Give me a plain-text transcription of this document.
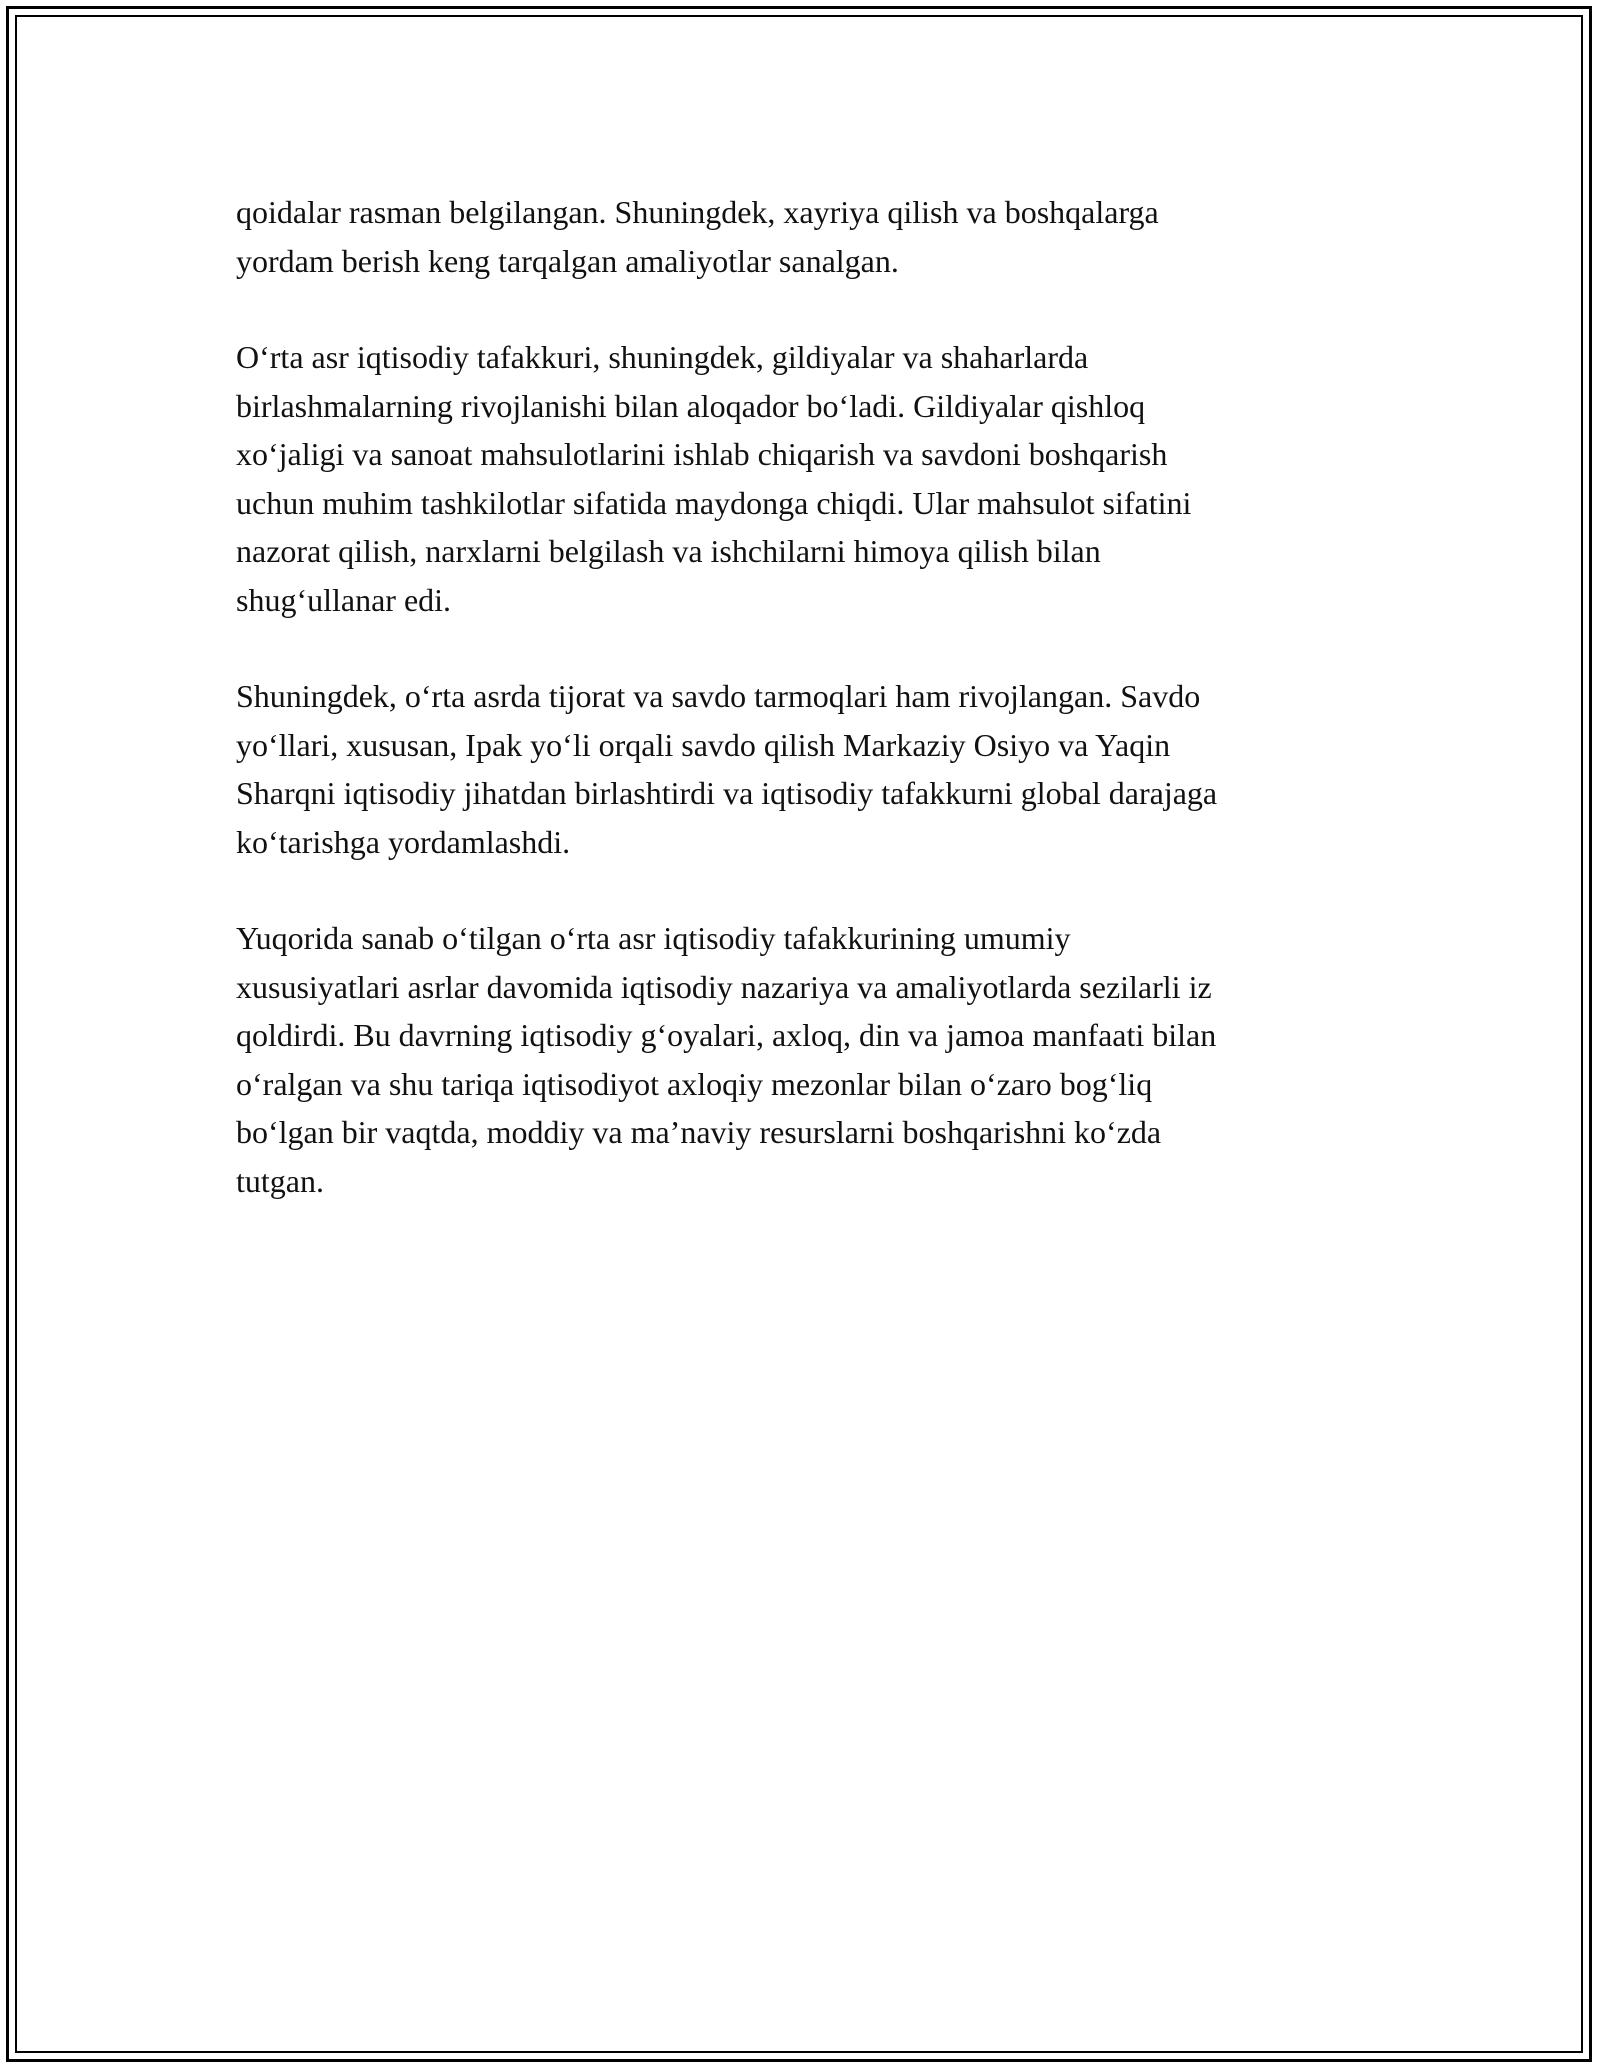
qoidalar rasman belgilangan. Shuningdek, xayriya qilish va boshqalarga
yordam berish keng tarqalgan amaliyotlar sanalgan.

O‘rta asr iqtisodiy tafakkuri, shuningdek, gildiyalar va shaharlarda
birlashmalarning rivojlanishi bilan aloqador bo‘ladi. Gildiyalar qishloq
xo‘jaligi va sanoat mahsulotlarini ishlab chiqarish va savdoni boshqarish
uchun muhim tashkilotlar sifatida maydonga chiqdi. Ular mahsulot sifatini
nazorat qilish, narxlarni belgilash va ishchilarni himoya qilish bilan
shug‘ullanar edi.

Shuningdek, o‘rta asrda tijorat va savdo tarmoqlari ham rivojlangan. Savdo
yo‘llari, xususan, Ipak yo‘li orqali savdo qilish Markaziy Osiyo va Yaqin
Sharqni iqtisodiy jihatdan birlashtirdi va iqtisodiy tafakkurni global darajaga
ko‘tarishga yordamlashdi.

Yuqorida sanab o‘tilgan o‘rta asr iqtisodiy tafakkurining umumiy
xususiyatlari asrlar davomida iqtisodiy nazariya va amaliyotlarda sezilarli iz
qoldirdi. Bu davrning iqtisodiy g‘oyalari, axloq, din va jamoa manfaati bilan
o‘ralgan va shu tariqa iqtisodiyot axloqiy mezonlar bilan o‘zaro bog‘liq
bo‘lgan bir vaqtda, moddiy va ma’naviy resurslarni boshqarishni ko‘zda
tutgan.
